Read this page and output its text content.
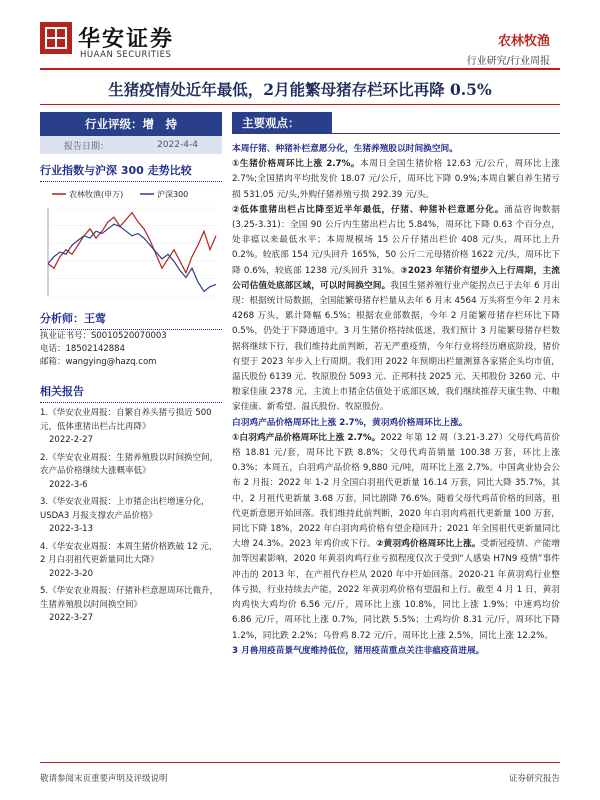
华安证券
HUAAN SECURITIES
农林牧渔
行业研究/行业周报
生猪疫情处近年最低，2月能繁母猪存栏环比再降 0.5%
行业评级：增　持
报告日期：	2022-4-4
行业指数与沪深 300 走势比较
农林牧渔(申万)	沪深300
分析师：王莺
执业证书号：S0010520070003
电话：18502142884
邮箱：wangying@hazq.com
相关报告
1.《华安农业周报：自繁自养头猪亏损近 500 元，低体重猪出栏占比再降》
2022-2-27
2.《华安农业周报：生猪养殖股以时间换空间，农产品价格继续大涨概率低》
2022-3-6
3.《华安农业周报：上市猪企出栏增速分化，USDA3 月报支撑农产品价格》
2022-3-13
4.《华安农业周报：本周生猪价格跌破 12 元，2 月白羽祖代更新量同比大降》
2022-3-20
5.《华安农业周报：仔猪补栏意愿周环比微升，生猪养殖股以时间换空间》
2022-3-27
主要观点：

本周仔猪、种猪补栏意愿分化，生猪养殖股以时间换空间。

①生猪价格周环比上涨 2.7%。本周日全国生猪价格 12.63 元/公斤，周环比上涨 2.7%;全国猪肉平均批发价 18.07 元/公斤，周环比下降 0.9%;本周自繁自养生猪亏损 531.05 元/头,外购仔猪养殖亏损 292.39 元/头。

②低体重猪出栏占比降至近半年最低，仔猪、种猪补栏意愿分化。涌益咨询数据(3.25-3.31)：全国 90 公斤内生猪出栏占比 5.84%，周环比下降 0.63 个百分点，处非瘟以来最低水平；本周规模场 15 公斤仔猪出栏价 408 元/头，周环比上升 0.2%。较底部 154 元/头回升 165%，50 公斤二元母猪价格 1622 元/头，周环比下降 0.6%，较底部 1238 元/头回升 31%。③2023 年猪价有望步入上行周期，主流公司估值处底部区域，可以时间换空间。我国生猪养殖行业产能拐点已于去年 6 月出现：根据统计局数据，全国能繁母猪存栏量从去年 6 月末 4564 万头将至今年 2 月末 4268 万头，累计降幅 6.5%；根据农业部数据，今年 2 月能繁母猪存栏环比下降 0.5%，仍处于下降通道中。3 月生猪价格持续低迷，我们预计 3 月能繁母猪存栏数据将继续下行，我们维持此前判断，若无严重疫情，今年行业将经历磨底阶段，猪价有望于 2023 年步入上行周期。我们用 2022 年预期出栏量测算各家猪企头均市值，温氏股份 6139 元、牧原股份 5093 元、正邦科技 2025 元、天邦股份 3260 元、中粮家佳康 2378 元，主流上市猪企估值处于底部区域，我们继续推荐天康生物、中粮家佳康、新希望、温氏股份、牧原股份。

白羽鸡产品价格周环比上涨 2.7%，黄羽鸡价格周环比上涨。

①白羽鸡产品价格周环比上涨 2.7%。2022 年第 12 周（3.21-3.27）父母代鸡苗价格 18.81 元/套，周环比下跌 8.8%；父母代鸡苗销量 100.38 万套，环比上涨 0.3%；本周五，白羽鸡产品价格 9,880 元/吨，周环比上涨 2.7%。中国禽业协会公布 2 月报：2022 年 1-2 月全国白羽祖代更新量 16.14 万套，同比大降 35.7%，其中，2 月祖代更新量 3.68 万套，同比剧降 76.6%。随着父母代鸡苗价格的回落，祖代更新意愿开始回落。我们维持此前判断，2020 年白羽肉鸡祖代更新量 100 万套，同比下降 18%，2022 年白羽肉鸡价格有望企稳回升；2021 年全国祖代更新量同比大增 24.3%。2023 年鸡价或下行。②黄羽鸡价格周环比上涨。受新冠疫情、产能增加等因素影响，2020 年黄羽肉鸡行业亏损程度仅次于受到“人感染 H7N9 疫情”事件冲击的 2013 年，在产祖代存栏从 2020 年中开始回落。2020-21 年黄羽鸡行业整体亏损，行业持续去产能，2022 年黄羽鸡价格有望温和上行。截至 4 月 1 日，黄羽肉鸡快大鸡均价 6.56 元/斤，周环比上涨 10.8%，同比上涨 1.9%；中速鸡均价 6.86 元/斤，周环比上涨 0.7%，同比跌 5.5%；土鸡均价 8.31 元/斤，周环比下降 1.2%，同比跌 2.2%；乌骨鸡 8.72 元/斤，周环比上涨 2.5%，同比上涨 12.2%。

3 月兽用疫苗景气度维持低位，猪用疫苗重点关注非瘟疫苗进展。

敬请参阅末页重要声明及评级说明	证券研究报告
